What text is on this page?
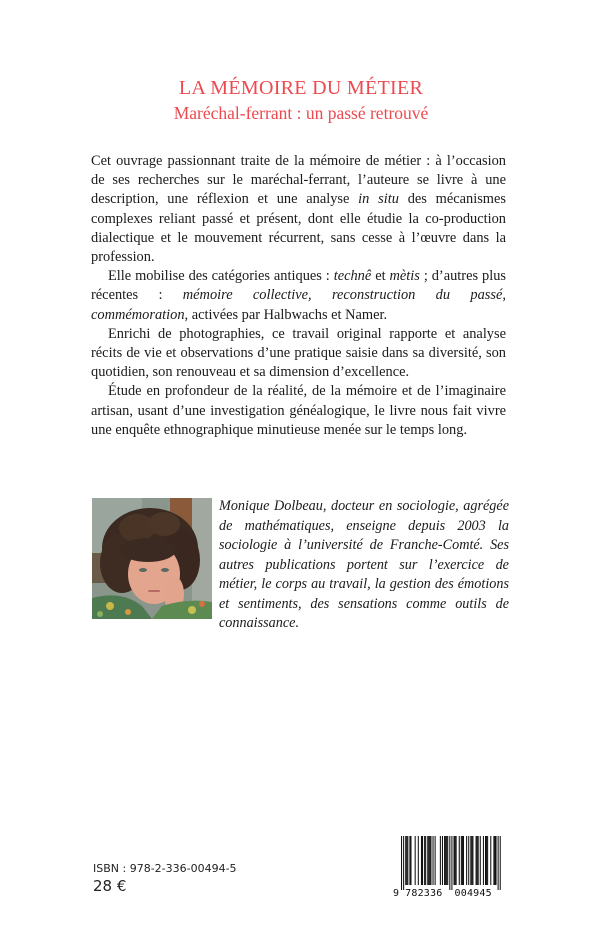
LA MÉMOIRE DU MÉTIER
Maréchal-ferrant : un passé retrouvé

Cet ouvrage passionnant traite de la mémoire de métier : à l’occasion de ses recherches sur le maréchal-ferrant, l’auteure se livre à une description, une réflexion et une analyse in situ des mécanismes complexes reliant passé et présent, dont elle étudie la co-production dialectique et le mouvement récurrent, sans cesse à l’œuvre dans la profession.

Elle mobilise des catégories antiques : technê et mètis ; d’autres plus récentes : mémoire collective, reconstruction du passé, commémoration, activées par Halbwachs et Namer.

Enrichi de photographies, ce travail original rapporte et analyse récits de vie et observations d’une pratique saisie dans sa diversité, son quotidien, son renouveau et sa dimension d’excellence.

Étude en profondeur de la réalité, de la mémoire et de l’imaginaire artisan, usant d’une investigation généalogique, le livre nous fait vivre une enquête ethnographique minutieuse menée sur le temps long.

Monique Dolbeau, docteur en sociologie, agrégée de mathématiques, enseigne depuis 2003 la sociologie à l’université de Franche-Comté. Ses autres publications portent sur l’exercice de métier, le corps au travail, la gestion des émotions et sentiments, des sensations comme outils de connaissance.
ISBN : 978-2-336-00494-5
28 €	9 782336 004945
